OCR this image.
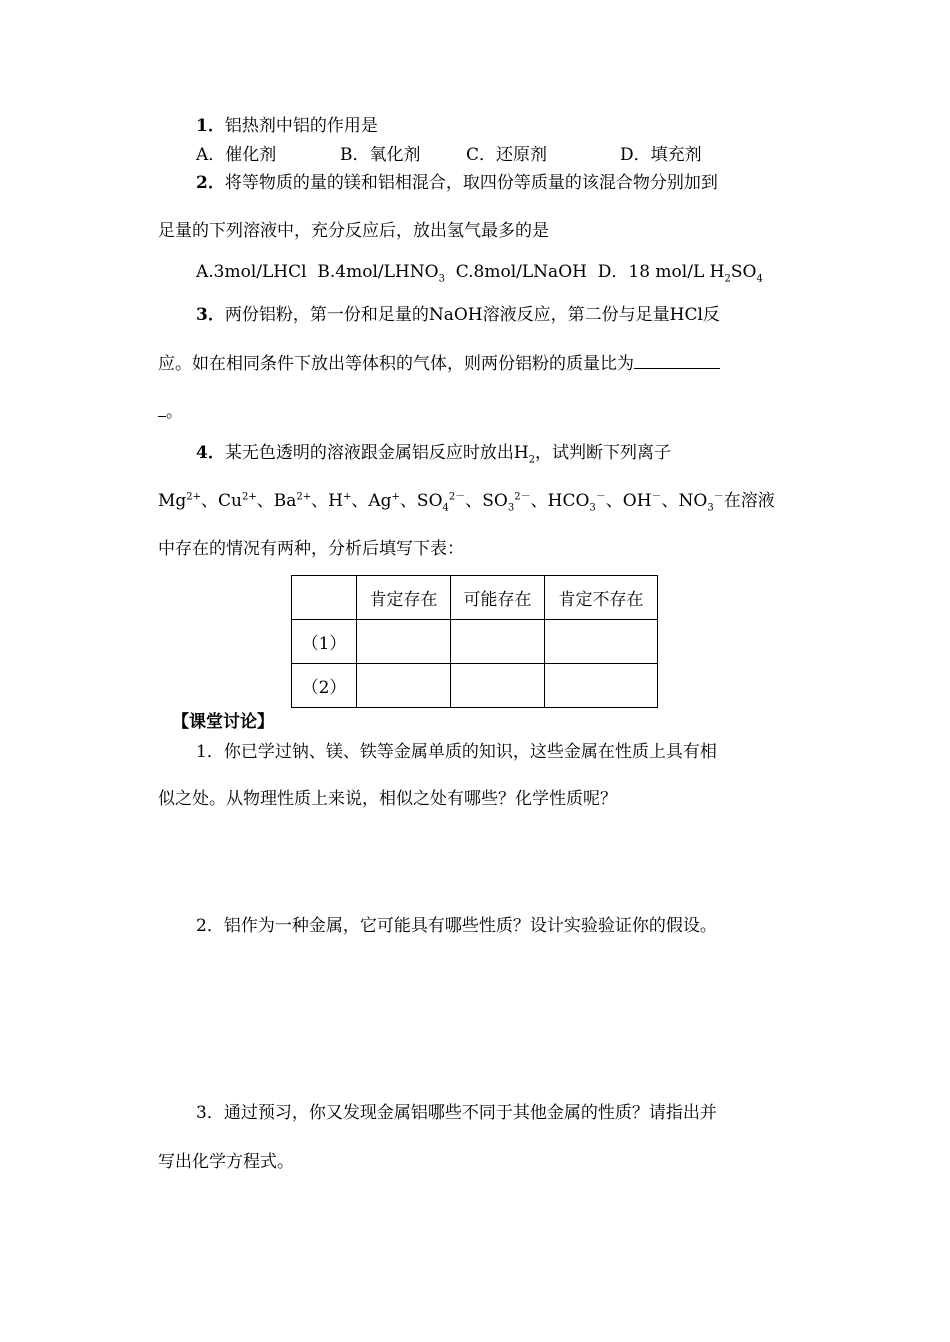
1．铝热剂中铝的作用是
A．催化剂	B．氧化剂	C．还原剂	D．填充剂
2．将等物质的量的镁和铝相混合，取四份等质量的该混合物分别加到
足量的下列溶液中，充分反应后，放出氢气最多的是
A.3mol/LHCl $B.4mol/LHNO_3$ C.8mol/LNaOH D．18 mol/L $H_2SO_4$
3．两份铝粉，第一份和足量的NaOH溶液反应，第二份与足量HCl反
应。如在相同条件下放出等体积的气体，则两份铝粉的质量比为
。
4．某无色透明的溶液跟金属铝反应时放出$H_2$，试判断下列离子
$Mg^{2+}$、$Cu^{2+}$、$Ba^{2+}$、H+、Ag+、$SO_4^{2-}$、$SO_3^{2-}$、$HCO_3^-$、OH－、$NO_3^-$在溶液
中存在的情况有两种，分析后填写下表：
	肯定存在	可能存在	肯定不存在
（1）			
（2）			
【课堂讨论】
1．你已学过钠、镁、铁等金属单质的知识，这些金属在性质上具有相
似之处。从物理性质上来说，相似之处有哪些？化学性质呢？
2．铝作为一种金属，它可能具有哪些性质？设计实验验证你的假设。
3．通过预习，你又发现金属铝哪些不同于其他金属的性质？请指出并
写出化学方程式。
